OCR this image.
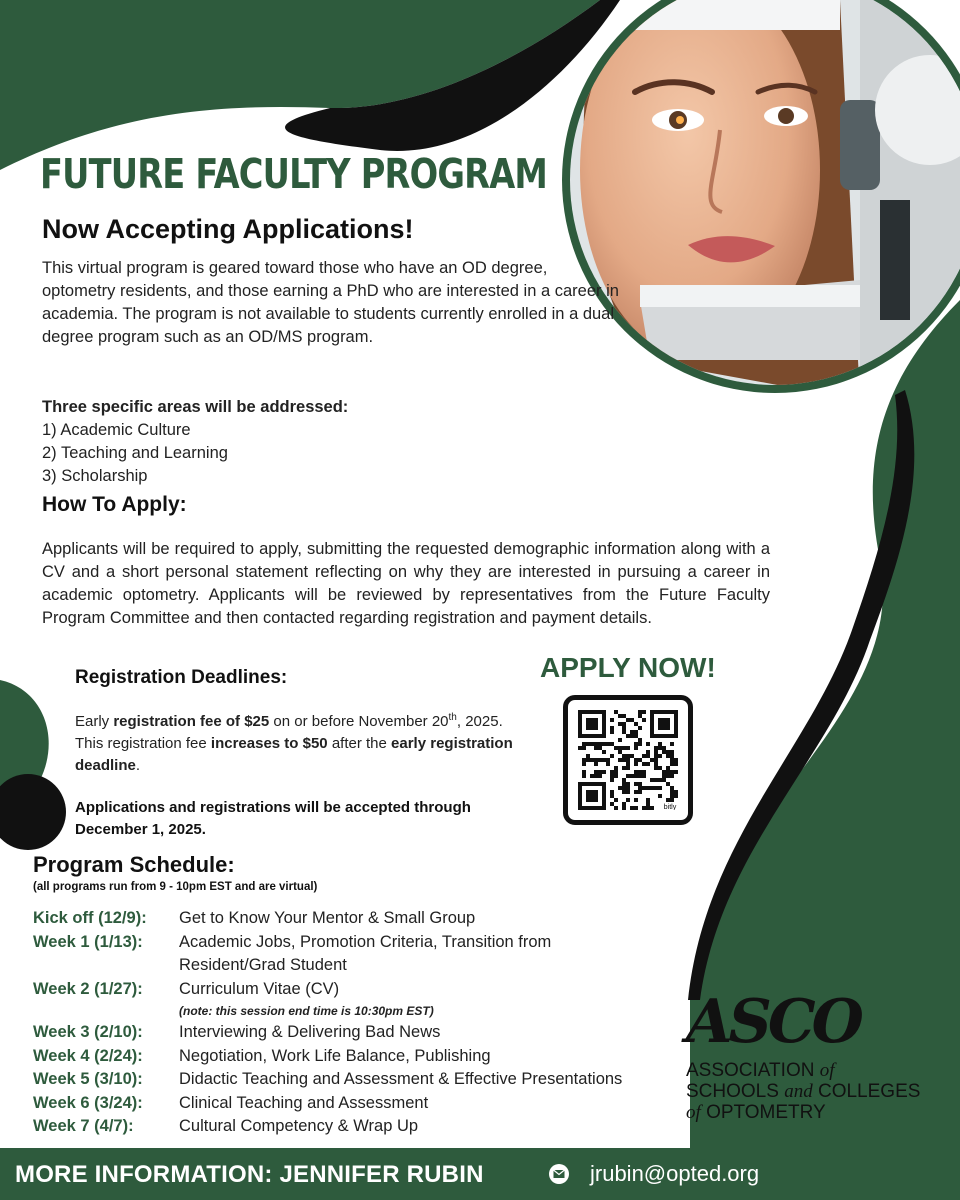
FUTURE FACULTY PROGRAM
Now Accepting Applications!
This virtual program is geared toward those who have an OD degree, optometry residents, and those earning a PhD who are interested in a career in academia. The program is not available to students currently enrolled in a dual degree program such as an OD/MS program.
Three specific areas will be addressed:
1) Academic Culture
2) Teaching and Learning
3) Scholarship
How To Apply:
Applicants will be required to apply, submitting the requested demographic information along with a CV and a short personal statement reflecting on why they are interested in pursuing a career in academic optometry. Applicants will be reviewed by representatives from the Future Faculty Program Committee and then contacted regarding registration and payment details.
Registration Deadlines:
Early registration fee of $25 on or before November 20th, 2025. This registration fee increases to $50 after the early registration deadline.
Applications and registrations will be accepted through December 1, 2025.
APPLY NOW!
bitly
Program Schedule:
(all programs run from 9 - 10pm EST and are virtual)
Kick off (12/9):	Get to Know Your Mentor & Small Group
Week 1 (1/13):	Academic Jobs, Promotion Criteria, Transition from Resident/Grad Student
Week 2 (1/27):	Curriculum Vitae (CV)
(note: this session end time is 10:30pm EST)
Week 3 (2/10):	Interviewing & Delivering Bad News
Week 4 (2/24):	Negotiation, Work Life Balance, Publishing
Week 5 (3/10):	Didactic Teaching and Assessment & Effective Presentations
Week 6 (3/24):	Clinical Teaching and Assessment
Week 7 (4/7):	Cultural Competency & Wrap Up
ASCO
ASSOCIATION of
SCHOOLS and COLLEGES
of OPTOMETRY
MORE INFORMATION: JENNIFER RUBIN	jrubin@opted.org
